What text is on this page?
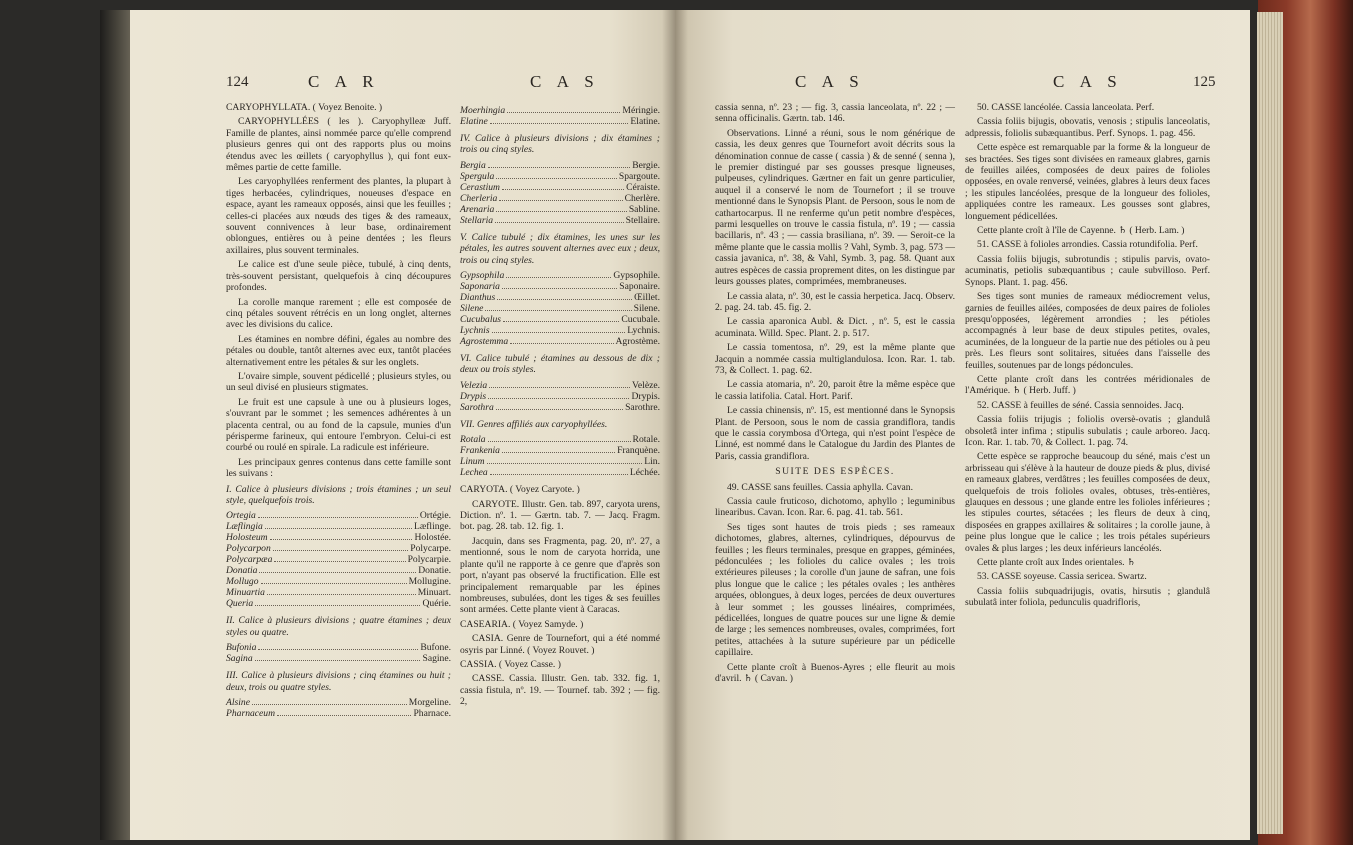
124	C A R	C A S

CARYOPHYLLATA. ( Voyez Benoite. )

CARYOPHYLLÉES ( les ). Caryophylleæ Juff. Famille de plantes, ainsi nommée parce qu'elle comprend plusieurs genres qui ont des rapports plus ou moins étendus avec les œillets ( caryophyllus ), qui font eux-mêmes partie de cette famille.

Les caryophyllées renferment des plantes, la plupart à tiges herbacées, cylindriques, noueuses d'espace en espace, ayant les rameaux opposés, ainsi que les feuilles ; celles-ci placées aux nœuds des tiges & des rameaux, souvent connivences à leur base, ordinairement oblongues, entières ou à peine dentées ; les fleurs axillaires, plus souvent terminales.

Le calice est d'une seule pièce, tubulé, à cinq dents, très-souvent persistant, quelquefois à cinq découpures profondes.

La corolle manque rarement ; elle est composée de cinq pétales souvent rétrécis en un long onglet, alternes avec les divisions du calice.

Les étamines en nombre défini, égales au nombre des pétales ou double, tantôt alternes avec eux, tantôt placées alternativement entre les pétales & sur les onglets.

L'ovaire simple, souvent pédicellé ; plusieurs styles, ou un seul divisé en plusieurs stigmates.

Le fruit est une capsule à une ou à plusieurs loges, s'ouvrant par le sommet ; les semences adhérentes à un placenta central, ou au fond de la capsule, munies d'un périsperme farineux, qui entoure l'embryon. Celui-ci est courbé ou roulé en spirale. La radicule est inférieure.

Les principaux genres contenus dans cette famille sont les suivans :

I. Calice à plusieurs divisions ; trois étamines ; un seul style, quelquefois trois.

Ortegia	Ortégie.
Læflingia	Læflinge.
Holosteum	Holostée.
Polycarpon	Polycarpe.
Polycarpæa	Polycarpie.
Donatia	Donatie.
Mollugo	Mollugine.
Minuartia	Minuart.
Queria	Quérie.

II. Calice à plusieurs divisions ; quatre étamines ; deux styles ou quatre.

Bufonia	Bufone.
Sagina	Sagine.

III. Calice à plusieurs divisions ; cinq étamines ou huit ; deux, trois ou quatre styles.

Alsine	Morgeline.
Pharnaceum	Pharnace.
Moerhingia	Méringie.
Elatine	Elatine.

IV. Calice à plusieurs divisions ; dix étamines ; trois ou cinq styles.

Bergia	Bergie.
Spergula	Spargoute.
Cerastium	Céraiste.
Cherleria	Cherlère.
Arenaria	Sabline.
Stellaria	Stellaire.

V. Calice tubulé ; dix étamines, les unes sur les pétales, les autres souvent alternes avec eux ; deux, trois ou cinq styles.

Gypsophila	Gypsophile.
Saponaria	Saponaire.
Dianthus	Œillet.
Silene	Silene.
Cucubalus	Cucubale.
Lychnis	Lychnis.
Agrostemma	Agrostème.

VI. Calice tubulé ; étamines au dessous de dix ; deux ou trois styles.

Velezia	Velèze.
Drypis	Drypis.
Sarothra	Sarothre.

VII. Genres affiliés aux caryophyllées.

Rotala	Rotale.
Frankenia	Franquène.
Linum	Lin.
Lechea	Léchée.

CARYOTA. ( Voyez Caryote. )

CARYOTE. Illustr. Gen. tab. 897, caryota urens, Diction. nº. 1. — Gærtn. tab. 7. — Jacq. Fragm. bot. pag. 28. tab. 12. fig. 1.

Jacquin, dans ses Fragmenta, pag. 20, nº. 27, a mentionné, sous le nom de caryota horrida, une plante qu'il ne rapporte à ce genre que d'après son port, n'ayant pas observé la fructification. Elle est principalement remarquable par les épines nombreuses, subulées, dont les tiges & ses feuilles sont armées. Cette plante vient à Caracas.

CASEARIA. ( Voyez Samyde. )

CASIA. Genre de Tournefort, qui a été nommé osyris par Linné. ( Voyez Rouvet. )

CASSIA. ( Voyez Casse. )

CASSE. Cassia. Illustr. Gen. tab. 332. fig. 1, cassia fistula, nº. 19. — Tournef. tab. 392 ; — fig. 2,

C A S	C A S	125

cassia senna, nº. 23 ; — fig. 3, cassia lanceolata, nº. 22 ; — senna officinalis. Gærtn. tab. 146.

Observations. Linné a réuni, sous le nom générique de cassia, les deux genres que Tournefort avoit décrits sous la dénomination connue de casse ( cassia ) & de senné ( senna ), le premier distingué par ses gousses presque ligneuses, pulpeuses, cylindriques. Gærtner en fait un genre particulier, auquel il a conservé le nom de Tournefort ; il se trouve mentionné dans le Synopsis Plant. de Persoon, sous le nom de cathartocarpus. Il ne renferme qu'un petit nombre d'espèces, parmi lesquelles on trouve le cassia fistula, nº. 19 ; — cassia bacillaris, nº. 43 ; — cassia brasiliana, nº. 39. — Seroit-ce la même plante que le cassia mollis ? Vahl, Symb. 3, pag. 573 — cassia javanica, nº. 38, & Vahl, Symb. 3, pag. 58. Quant aux autres espèces de cassia proprement dites, on les distingue par leurs gousses plates, comprimées, membraneuses.

Le cassia alata, nº. 30, est le cassia herpetica. Jacq. Observ. 2. pag. 24. tab. 45. fig. 2.

Le cassia aparonica Aubl. & Dict. , nº. 5, est le cassia acuminata. Willd. Spec. Plant. 2. p. 517.

Le cassia tomentosa, nº. 29, est la même plante que Jacquin a nommée cassia multiglandulosa. Icon. Rar. 1. tab. 73, & Collect. 1. pag. 62.

Le cassia atomaria, nº. 20, paroit être la même espèce que le cassia latifolia. Catal. Hort. Parif.

Le cassia chinensis, nº. 15, est mentionné dans le Synopsis Plant. de Persoon, sous le nom de cassia grandiflora, tandis que le cassia corymbosa d'Ortega, qui n'est point l'espèce de Linné, est nommé dans le Catalogue du Jardin des Plantes de Paris, cassia grandiflora.

SUITE DES ESPÈCES.

49. CASSE sans feuilles. Cassia aphylla. Cavan.

Cassia caule fruticoso, dichotomo, aphyllo ; leguminibus linearibus. Cavan. Icon. Rar. 6. pag. 41. tab. 561.

Ses tiges sont hautes de trois pieds ; ses rameaux dichotomes, glabres, alternes, cylindriques, dépourvus de feuilles ; les fleurs terminales, presque en grappes, géminées, pédonculées ; les folioles du calice ovales ; les trois extérieures pileuses ; la corolle d'un jaune de safran, une fois plus longue que le calice ; les pétales ovales ; les anthères arquées, oblongues, à deux loges, percées de deux ouvertures à leur sommet ; les gousses linéaires, comprimées, pédicellées, longues de quatre pouces sur une ligne & demie de large ; les semences nombreuses, ovales, comprimées, fort petites, attachées à la suture supérieure par un pédicelle capillaire.

Cette plante croît à Buenos-Ayres ; elle fleurit au mois d'avril. ♄ ( Cavan. )

50. CASSE lancéolée. Cassia lanceolata. Perf.

Cassia foliis bijugis, obovatis, venosis ; stipulis lanceolatis, adpressis, foliolis subæquantibus. Perf. Synops. 1. pag. 456.

Cette espèce est remarquable par la forme & la longueur de ses bractées. Ses tiges sont divisées en rameaux glabres, garnis de feuilles ailées, composées de deux paires de folioles opposées, en ovale renversé, veinées, glabres à leurs deux faces ; les stipules lancéolées, presque de la longueur des folioles, appliquées contre les rameaux. Les gousses sont glabres, longuement pédicellées.

Cette plante croît à l'île de Cayenne. ♄ ( Herb. Lam. )

51. CASSE à folioles arrondies. Cassia rotundifolia. Perf.

Cassia foliis bijugis, subrotundis ; stipulis parvis, ovato-acuminatis, petiolis subæquantibus ; caule subvilloso. Perf. Synops. Plant. 1. pag. 456.

Ses tiges sont munies de rameaux médiocrement velus, garnies de feuilles ailées, composées de deux paires de folioles presqu'opposées, légèrement arrondies ; les pétioles accompagnés à leur base de deux stipules petites, ovales, acuminées, de la longueur de la partie nue des pétioles ou à peu près. Les fleurs sont solitaires, situées dans l'aisselle des feuilles, soutenues par de longs pédoncules.

Cette plante croît dans les contrées méridionales de l'Amérique. ♄ ( Herb. Juff. )

52. CASSE à feuilles de séné. Cassia sennoides. Jacq.

Cassia foliis trijugis ; foliolis oversè-ovatis ; glandulâ obsoletâ inter infima ; stipulis subulatis ; caule arboreo. Jacq. Icon. Rar. 1. tab. 70, & Collect. 1. pag. 74.

Cette espèce se rapproche beaucoup du séné, mais c'est un arbrisseau qui s'élève à la hauteur de douze pieds & plus, divisé en rameaux glabres, verdâtres ; les feuilles composées de deux, quelquefois de trois folioles ovales, obtuses, très-entières, glauques en dessous ; une glande entre les folioles inférieures ; les stipules courtes, sétacées ; les fleurs de deux à cinq, disposées en grappes axillaires & solitaires ; la corolle jaune, à peine plus longue que le calice ; les trois pétales supérieurs ovales & plus larges ; les deux inférieurs lancéolés.

Cette plante croît aux Indes orientales. ♄

53. CASSE soyeuse. Cassia sericea. Swartz.

Cassia foliis subquadrijugis, ovatis, hirsutis ; glandulâ subulatâ inter foliola, pedunculis quadrifloris,
